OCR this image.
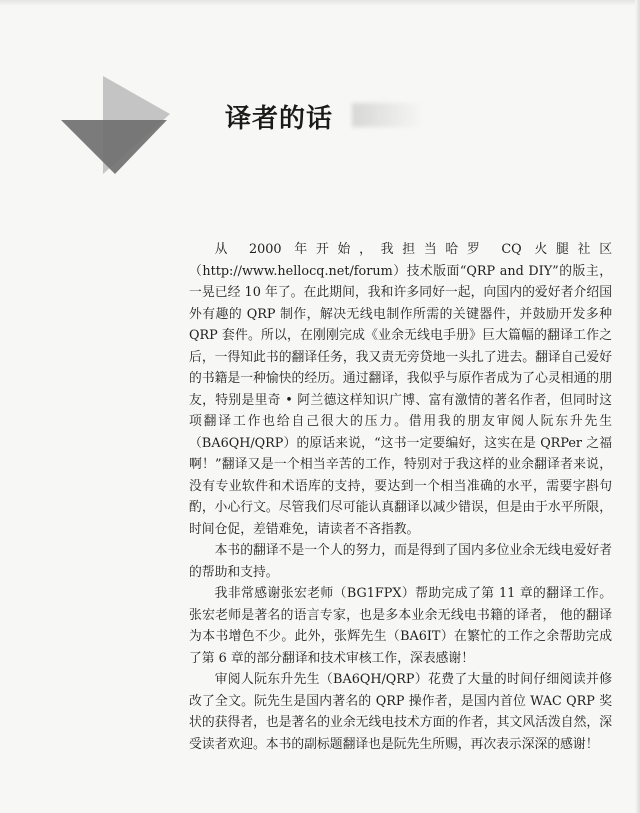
译者的话

从 2000 年开始，我担当哈罗 CQ 火腿社区（http://www.hellocq.net/forum）技术版面“QRP and DIY”的版主，一晃已经 10 年了。在此期间，我和许多同好一起，向国内的爱好者介绍国外有趣的 QRP 制作，解决无线电制作所需的关键器件，并鼓励开发多种 QRP 套件。所以，在刚刚完成《业余无线电手册》巨大篇幅的翻译工作之后，一得知此书的翻译任务，我又责无旁贷地一头扎了进去。翻译自己爱好的书籍是一种愉快的经历。通过翻译，我似乎与原作者成为了心灵相通的朋友，特别是里奇 • 阿兰德这样知识广博、富有激情的著名作者，但同时这项翻译工作也给自己很大的压力。借用我的朋友审阅人阮东升先生（BA6QH/QRP）的原话来说，“这书一定要编好，这实在是 QRPer 之福啊！”翻译又是一个相当辛苦的工作，特别对于我这样的业余翻译者来说，没有专业软件和术语库的支持，要达到一个相当准确的水平，需要字斟句酌，小心行文。尽管我们尽可能认真翻译以减少错误，但是由于水平所限，时间仓促，差错难免，请读者不吝指教。

本书的翻译不是一个人的努力，而是得到了国内多位业余无线电爱好者的帮助和支持。

我非常感谢张宏老师（BG1FPX）帮助完成了第 11 章的翻译工作。张宏老师是著名的语言专家，也是多本业余无线电书籍的译者， 他的翻译为本书增色不少。此外，张辉先生（BA6IT）在繁忙的工作之余帮助完成了第 6 章的部分翻译和技术审核工作，深表感谢！

审阅人阮东升先生（BA6QH/QRP）花费了大量的时间仔细阅读并修改了全文。阮先生是国内著名的 QRP 操作者，是国内首位 WAC QRP 奖状的获得者，也是著名的业余无线电技术方面的作者，其文风活泼自然，深受读者欢迎。本书的副标题翻译也是阮先生所赐，再次表示深深的感谢！
